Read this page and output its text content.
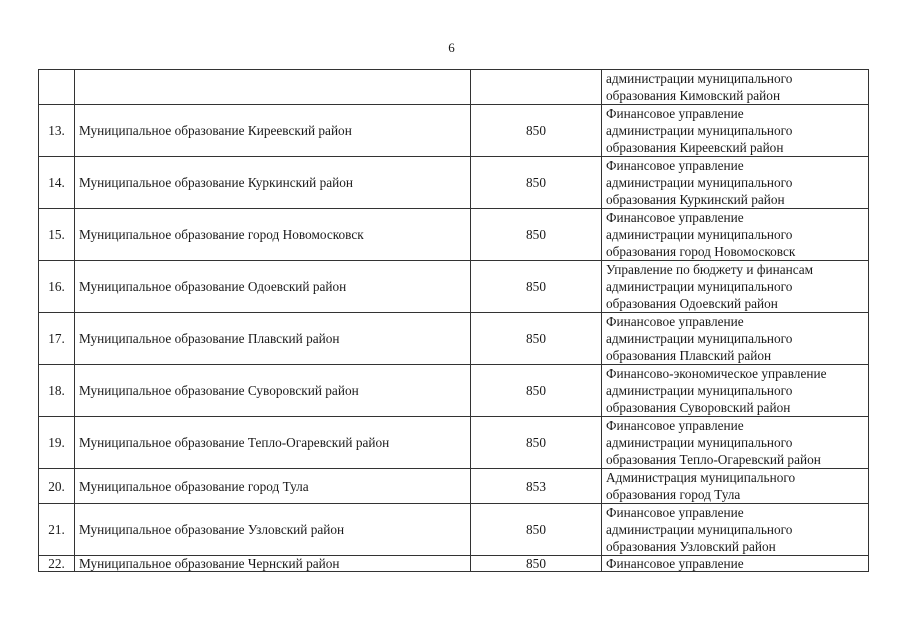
6
			администрации муниципального
образования Кимовский район
13.	Муниципальное образование Киреевский район	850	Финансовое управление
администрации муниципального
образования Киреевский район
14.	Муниципальное образование Куркинский район	850	Финансовое управление
администрации муниципального
образования Куркинский район
15.	Муниципальное образование город Новомосковск	850	Финансовое управление
администрации муниципального
образования город Новомосковск
16.	Муниципальное образование Одоевский район	850	Управление по бюджету и финансам
администрации муниципального
образования Одоевский район
17.	Муниципальное образование Плавский район	850	Финансовое управление
администрации муниципального
образования Плавский район
18.	Муниципальное образование Суворовский район	850	Финансово-экономическое управление
администрации муниципального
образования Суворовский район
19.	Муниципальное образование Тепло-Огаревский район	850	Финансовое управление
администрации муниципального
образования Тепло-Огаревский район
20.	Муниципальное образование город Тула	853	Администрация муниципального
образования город Тула
21.	Муниципальное образование Узловский район	850	Финансовое управление
администрации муниципального
образования Узловский район
22.	Муниципальное образование Чернский район	850	Финансовое управление
